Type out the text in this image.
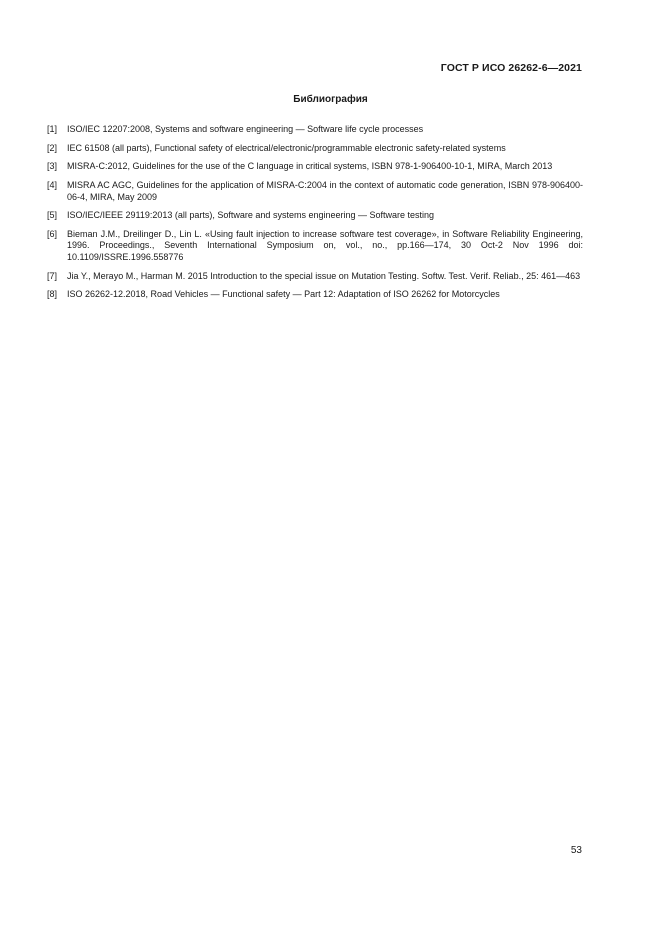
ГОСТ Р ИСО 26262-6—2021
Библиография
[1]	ISO/IEC 12207:2008, Systems and software engineering — Software life cycle processes
[2]	IEC 61508 (all parts), Functional safety of electrical/electronic/programmable electronic safety-related systems
[3]	MISRA-C:2012, Guidelines for the use of the C language in critical systems, ISBN 978-1-906400-10-1, MIRA, March 2013
[4]	MISRA AC AGC, Guidelines for the application of MISRA-C:2004 in the context of automatic code generation, ISBN 978-906400-06-4, MIRA, May 2009
[5]	ISO/IEC/IEEE 29119:2013 (all parts), Software and systems engineering — Software testing
[6]	Bieman J.M., Dreilinger D., Lin L. «Using fault injection to increase software test coverage», in Software Reliability Engineering, 1996. Proceedings., Seventh International Symposium on, vol., no., pp.166—174, 30 Oct-2 Nov 1996 doi: 10.1109/ISSRE.1996.558776
[7]	Jia Y., Merayo M., Harman M. 2015 Introduction to the special issue on Mutation Testing. Softw. Test. Verif. Reliab., 25: 461—463
[8]	ISO 26262-12.2018, Road Vehicles — Functional safety — Part 12: Adaptation of ISO 26262 for Motorcycles
53
